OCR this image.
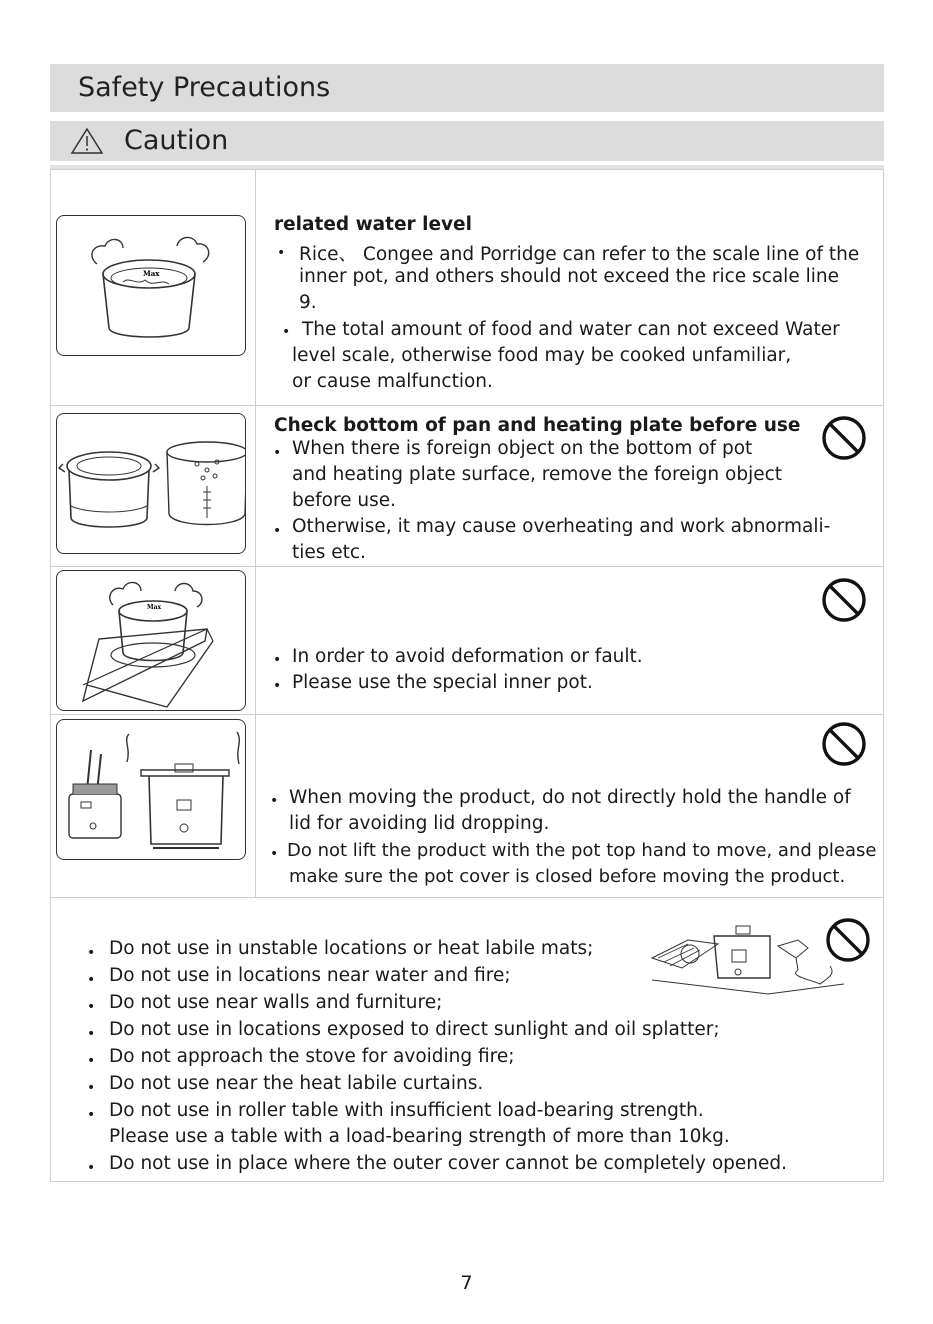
Safety Precautions
Caution
Max
related water level
• Rice、 Congee and Porridge can refer to the scale line of the
inner pot, and others should not exceed the rice scale line
9.
• The total amount of food and water can not exceed Water
level scale, otherwise food may be cooked unfamiliar,
or cause malfunction.
Check bottom of pan and heating plate before use
• When there is foreign object on the bottom of pot
and heating plate surface, remove the foreign object
before use.
• Otherwise, it may cause overheating and work abnormali-
ties etc.
Max
• In order to avoid deformation or fault.
• Please use the special inner pot.
• When moving the product, do not directly hold the handle of
lid for avoiding lid dropping.
• Do not lift the product with the pot top hand to move, and please
make sure the pot cover is closed before moving the product.
• Do not use in unstable locations or heat labile mats;
• Do not use in locations near water and fire;
• Do not use near walls and furniture;
• Do not use in locations exposed to direct sunlight and oil splatter;
• Do not approach the stove for avoiding fire;
• Do not use near the heat labile curtains.
• Do not use in roller table with insufficient load-bearing strength.
Please use a table with a load-bearing strength of more than 10kg.
• Do not use in place where the outer cover cannot be completely opened.
7
